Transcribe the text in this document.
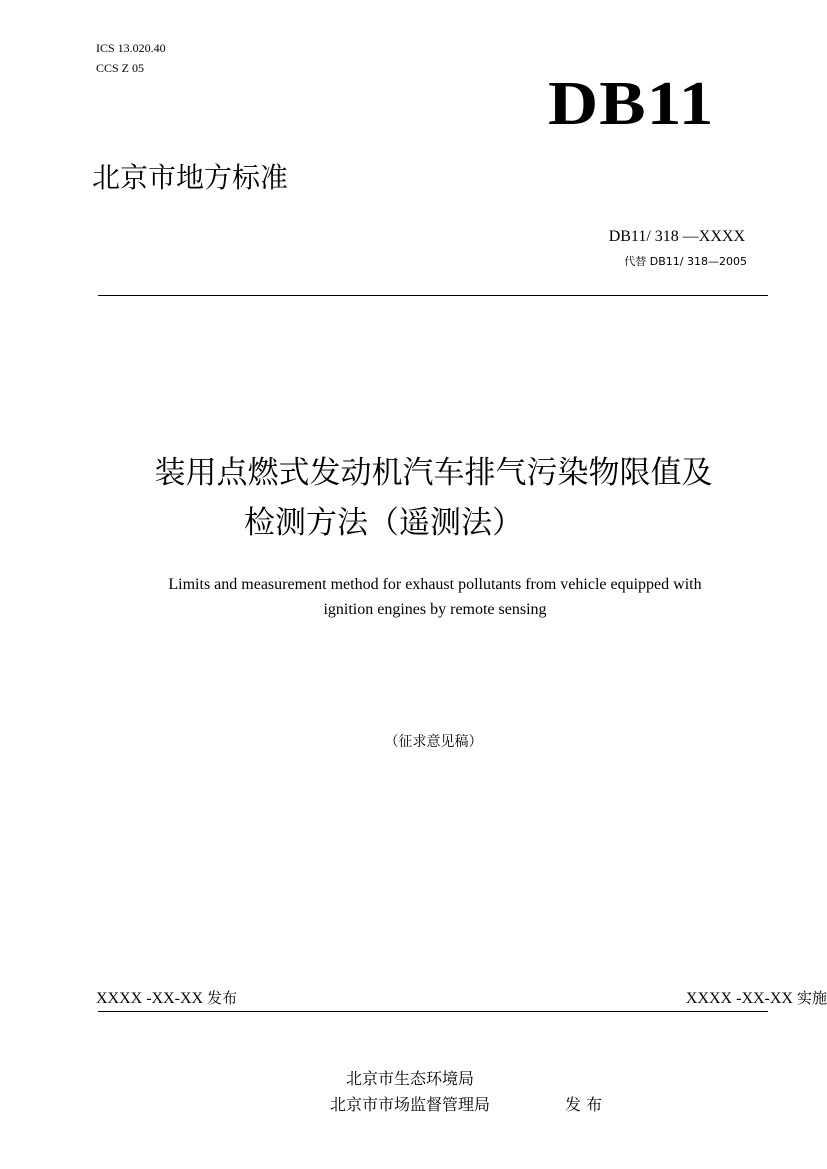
ICS 13.020.40
CCS Z 05
DB11
北京市地方标准
DB11/ 318 —XXXX
代替 DB11/ 318—2005
装用点燃式发动机汽车排气污染物限值及
检测方法（遥测法）
Limits and measurement method for exhaust pollutants from vehicle equipped with
ignition engines by remote sensing
（征求意见稿）
XXXX -XX-XX 发布	XXXX -XX-XX 实施
北京市生态环境局
北京市市场监督管理局	发 布
